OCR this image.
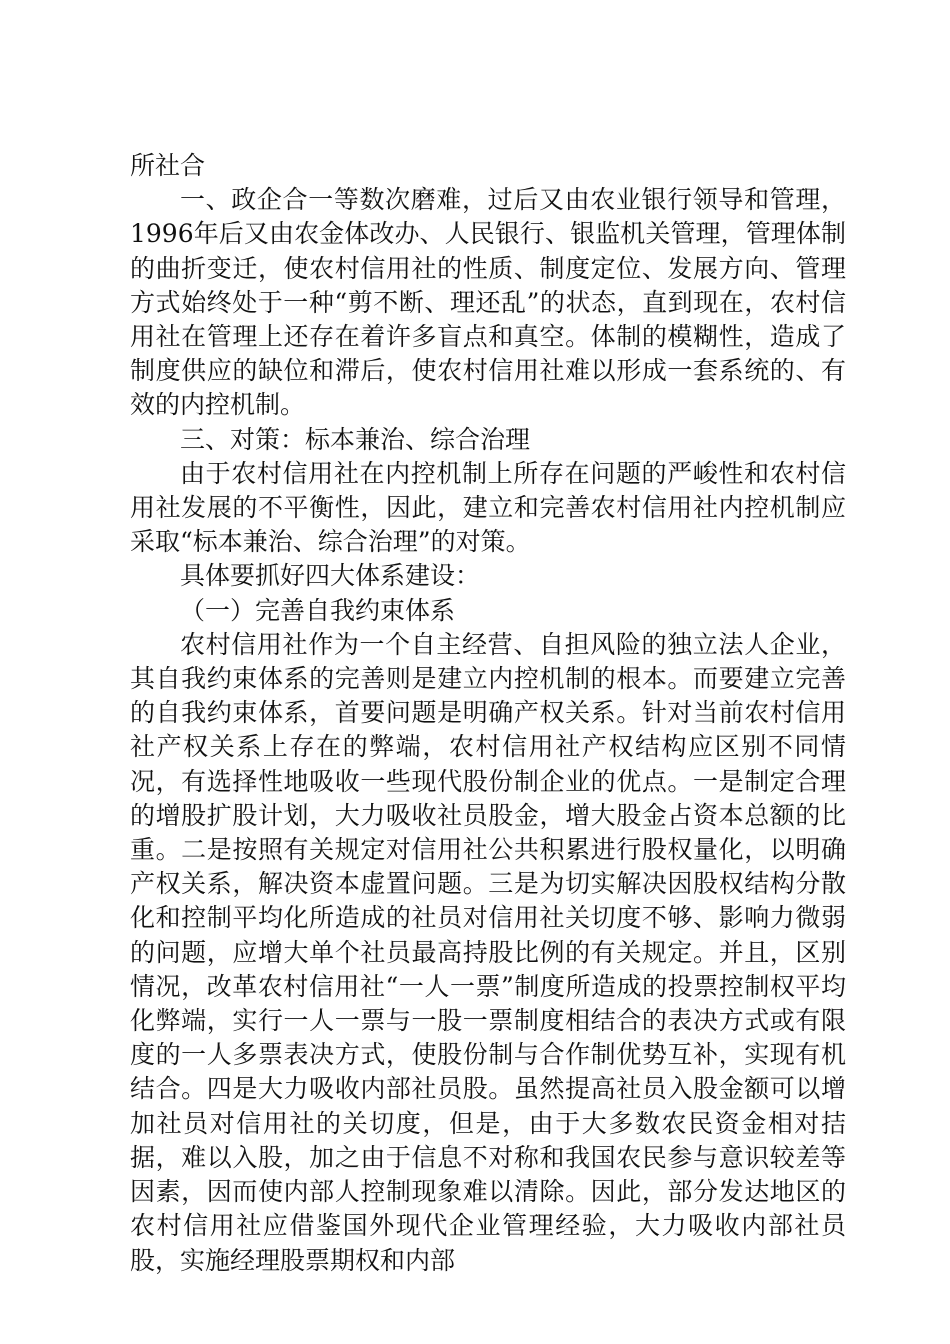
所社合

一、政企合一等数次磨难，过后又由农业银行领导和管理，1996年后又由农金体改办、人民银行、银监机关管理，管理体制的曲折变迁，使农村信用社的性质、制度定位、发展方向、管理方式始终处于一种“剪不断、理还乱”的状态，直到现在，农村信用社在管理上还存在着许多盲点和真空。体制的模糊性，造成了制度供应的缺位和滞后，使农村信用社难以形成一套系统的、有效的内控机制。

三、对策：标本兼治、综合治理

由于农村信用社在内控机制上所存在问题的严峻性和农村信用社发展的不平衡性，因此，建立和完善农村信用社内控机制应采取“标本兼治、综合治理”的对策。

具体要抓好四大体系建设：

（一）完善自我约束体系

农村信用社作为一个自主经营、自担风险的独立法人企业，其自我约束体系的完善则是建立内控机制的根本。而要建立完善的自我约束体系，首要问题是明确产权关系。针对当前农村信用社产权关系上存在的弊端，农村信用社产权结构应区别不同情况，有选择性地吸收一些现代股份制企业的优点。一是制定合理的增股扩股计划，大力吸收社员股金，增大股金占资本总额的比重。二是按照有关规定对信用社公共积累进行股权量化，以明确产权关系，解决资本虚置问题。三是为切实解决因股权结构分散化和控制平均化所造成的社员对信用社关切度不够、影响力微弱的问题，应增大单个社员最高持股比例的有关规定。并且，区别情况，改革农村信用社“一人一票”制度所造成的投票控制权平均化弊端，实行一人一票与一股一票制度相结合的表决方式或有限度的一人多票表决方式，使股份制与合作制优势互补，实现有机结合。四是大力吸收内部社员股。虽然提高社员入股金额可以增加社员对信用社的关切度，但是，由于大多数农民资金相对拮据，难以入股，加之由于信息不对称和我国农民参与意识较差等因素，因而使内部人控制现象难以清除。因此，部分发达地区的农村信用社应借鉴国外现代企业管理经验，大力吸收内部社员股，实施经理股票期权和内部
